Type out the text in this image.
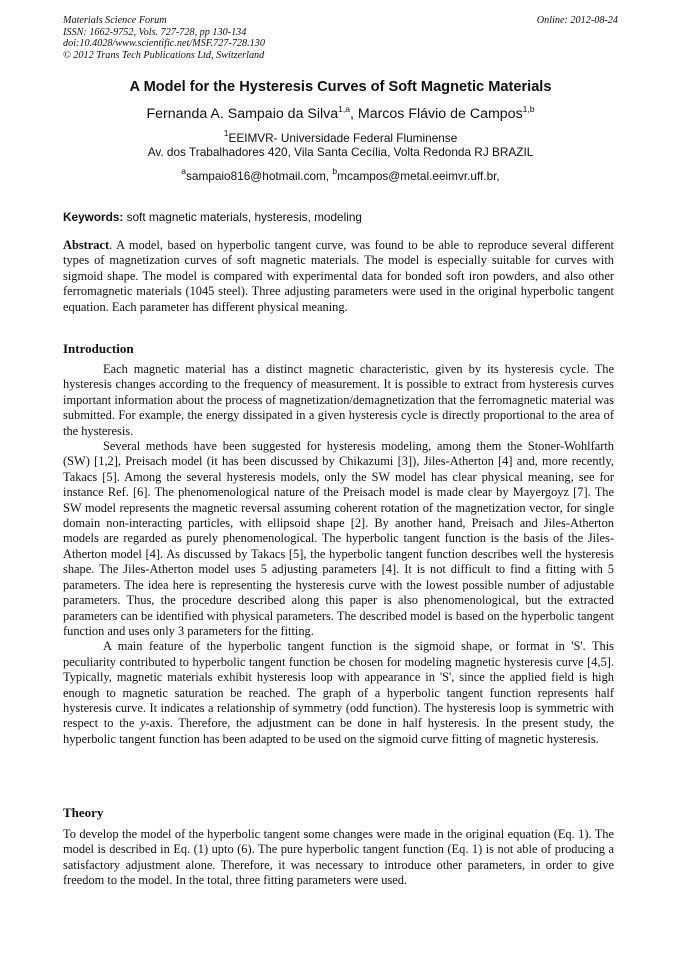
Materials Science Forum	Online: 2012-08-24
ISSN: 1662-9752, Vols. 727-728, pp 130-134
doi:10.4028/www.scientific.net/MSF.727-728.130
© 2012 Trans Tech Publications Ltd, Switzerland
A Model for the Hysteresis Curves of Soft Magnetic Materials
Fernanda A. Sampaio da Silva$^{1,a}$, Marcos Flávio de Campos$^{1,b}$
$^1$EEIMVR- Universidade Federal Fluminense
Av. dos Trabalhadores 420, Vila Santa Cecília, Volta Redonda RJ BRAZIL
$^a$sampaio816@hotmail.com, $^b$mcampos@metal.eeimvr.uff.br,
Keywords: soft magnetic materials, hysteresis, modeling

Abstract. A model, based on hyperbolic tangent curve, was found to be able to reproduce several different types of magnetization curves of soft magnetic materials. The model is especially suitable for curves with sigmoid shape. The model is compared with experimental data for bonded soft iron powders, and also other ferromagnetic materials (1045 steel). Three adjusting parameters were used in the original hyperbolic tangent equation. Each parameter has different physical meaning.

Introduction

Each magnetic material has a distinct magnetic characteristic, given by its hysteresis cycle. The hysteresis changes according to the frequency of measurement. It is possible to extract from hysteresis curves important information about the process of magnetization/demagnetization that the ferromagnetic material was submitted. For example, the energy dissipated in a given hysteresis cycle is directly proportional to the area of the hysteresis.

Several methods have been suggested for hysteresis modeling, among them the Stoner-Wohlfarth (SW) [1,2], Preisach model (it has been discussed by Chikazumi [3]), Jiles-Atherton [4] and, more recently, Takacs [5]. Among the several hysteresis models, only the SW model has clear physical meaning, see for instance Ref. [6]. The phenomenological nature of the Preisach model is made clear by Mayergoyz [7]. The SW model represents the magnetic reversal assuming coherent rotation of the magnetization vector, for single domain non-interacting particles, with ellipsoid shape [2]. By another hand, Preisach and Jiles-Atherton models are regarded as purely phenomenological. The hyperbolic tangent function is the basis of the Jiles-Atherton model [4]. As discussed by Takacs [5], the hyperbolic tangent function describes well the hysteresis shape. The Jiles-Atherton model uses 5 adjusting parameters [4]. It is not difficult to find a fitting with 5 parameters. The idea here is representing the hysteresis curve with the lowest possible number of adjustable parameters. Thus, the procedure described along this paper is also phenomenological, but the extracted parameters can be identified with physical parameters. The described model is based on the hyperbolic tangent function and uses only 3 parameters for the fitting.

A main feature of the hyperbolic tangent function is the sigmoid shape, or format in 'S'. This peculiarity contributed to hyperbolic tangent function be chosen for modeling magnetic hysteresis curve [4,5]. Typically, magnetic materials exhibit hysteresis loop with appearance in 'S', since the applied field is high enough to magnetic saturation be reached. The graph of a hyperbolic tangent function represents half hysteresis curve. It indicates a relationship of symmetry (odd function). The hysteresis loop is symmetric with respect to the y-axis. Therefore, the adjustment can be done in half hysteresis. In the present study, the hyperbolic tangent function has been adapted to be used on the sigmoid curve fitting of magnetic hysteresis.

Theory

To develop the model of the hyperbolic tangent some changes were made in the original equation (Eq. 1). The model is described in Eq. (1) upto (6). The pure hyperbolic tangent function (Eq. 1) is not able of producing a satisfactory adjustment alone. Therefore, it was necessary to introduce other parameters, in order to give freedom to the model. In the total, three fitting parameters were used.
